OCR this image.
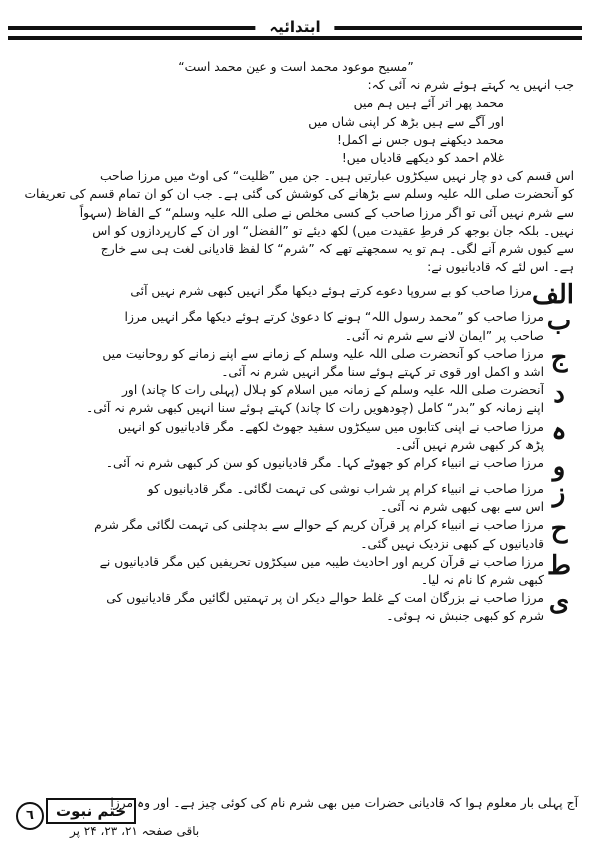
ابتدائیہ
”مسیح موعود محمد است و عین محمد است“
جب انہیں یہ کہتے ہوئے شرم نہ آئی کہ:
محمد پھر اتر آئے ہیں ہم میں
اور آگے سے ہیں بڑھ کر اپنی شاں میں
محمد دیکھنے ہوں جس نے اکمل!
غلام احمد کو دیکھے قادیاں میں!
اس قسم کی دو چار نہیں سیکڑوں عبارتیں ہیں۔ جن میں ”ظلیت“ کی اوٹ میں مرزا صاحب
کو آنحضرت صلی اللہ علیہ وسلم سے بڑھانے کی کوشش کی گئی ہے۔ جب ان کو ان تمام قسم کی تعریفات
سے شرم نہیں آئی تو اگر مرزا صاحب کے کسی مخلص نے صلی اللہ علیہ وسلم“ کے الفاظ (سہواً
نہیں۔ بلکہ جان بوجھ کر فرطِ عقیدت میں) لکھ دیئے تو ”الفضل“ اور ان کے کارپردازوں کو اس
سے کیوں شرم آنے لگی۔ ہم تو یہ سمجھتے تھے کہ ”شرم“ کا لفظ قادیانی لغت ہی سے خارج
ہے۔ اس لئے کہ قادیانیوں نے:
الف
مرزا صاحب کو بے سروپا دعوے کرتے ہوئے دیکھا مگر انہیں کبھی شرم نہیں آئی
ب
مرزا صاحب کو ”محمد رسول اللہ“ ہونے کا دعویٰ کرتے ہوئے دیکھا مگر انہیں مرزا
صاحب پر ”ایمان لانے سے شرم نہ آئی۔
ج
مرزا صاحب کو آنحضرت صلی اللہ علیہ وسلم کے زمانے سے اپنے زمانے کو روحانیت میں
اشد و اکمل اور قوی تر کہتے ہوئے سنا مگر انہیں شرم نہ آئی۔
د
آنحضرت صلی اللہ علیہ وسلم کے زمانہ میں اسلام کو ہلال (پہلی رات کا چاند) اور
اپنے زمانہ کو ”بدر“ کامل (چودھویں رات کا چاند) کہتے ہوئے سنا انہیں کبھی شرم نہ آئی۔
ہ
مرزا صاحب نے اپنی کتابوں میں سیکڑوں سفید جھوٹ لکھے۔ مگر قادیانیوں کو انہیں
پڑھ کر کبھی شرم نہیں آئی۔
و
مرزا صاحب نے انبیاء کرام کو جھوٹے کہا۔ مگر قادیانیوں کو سن کر کبھی شرم نہ آئی۔
ز
مرزا صاحب نے انبیاء کرام پر شراب نوشی کی تہمت لگائی۔ مگر قادیانیوں کو
اس سے بھی کبھی شرم نہ آئی۔
ح
مرزا صاحب نے انبیاء کرام پر قرآن کریم کے حوالے سے بدچلنی کی تہمت لگائی مگر شرم
قادیانیوں کے کبھی نزدیک نہیں گئی۔
ط
مرزا صاحب نے قرآن کریم اور احادیث طیبہ میں سیکڑوں تحریفیں کیں مگر قادیانیوں نے
کبھی شرم کا نام نہ لیا۔
ی
مرزا صاحب نے بزرگان امت کے غلط حوالے دیکر ان پر تہمتیں لگائیں مگر قادیانیوں کی
شرم کو کبھی جنبش نہ ہوئی۔
آج پہلی بار معلوم ہوا کہ قادیانی حضرات میں بھی شرم نام کی کوئی چیز ہے۔ اور وہ مرزا
٦	ختم نبوت
باقی صفحہ ۲۱، ۲۳، ۲۴ پر
